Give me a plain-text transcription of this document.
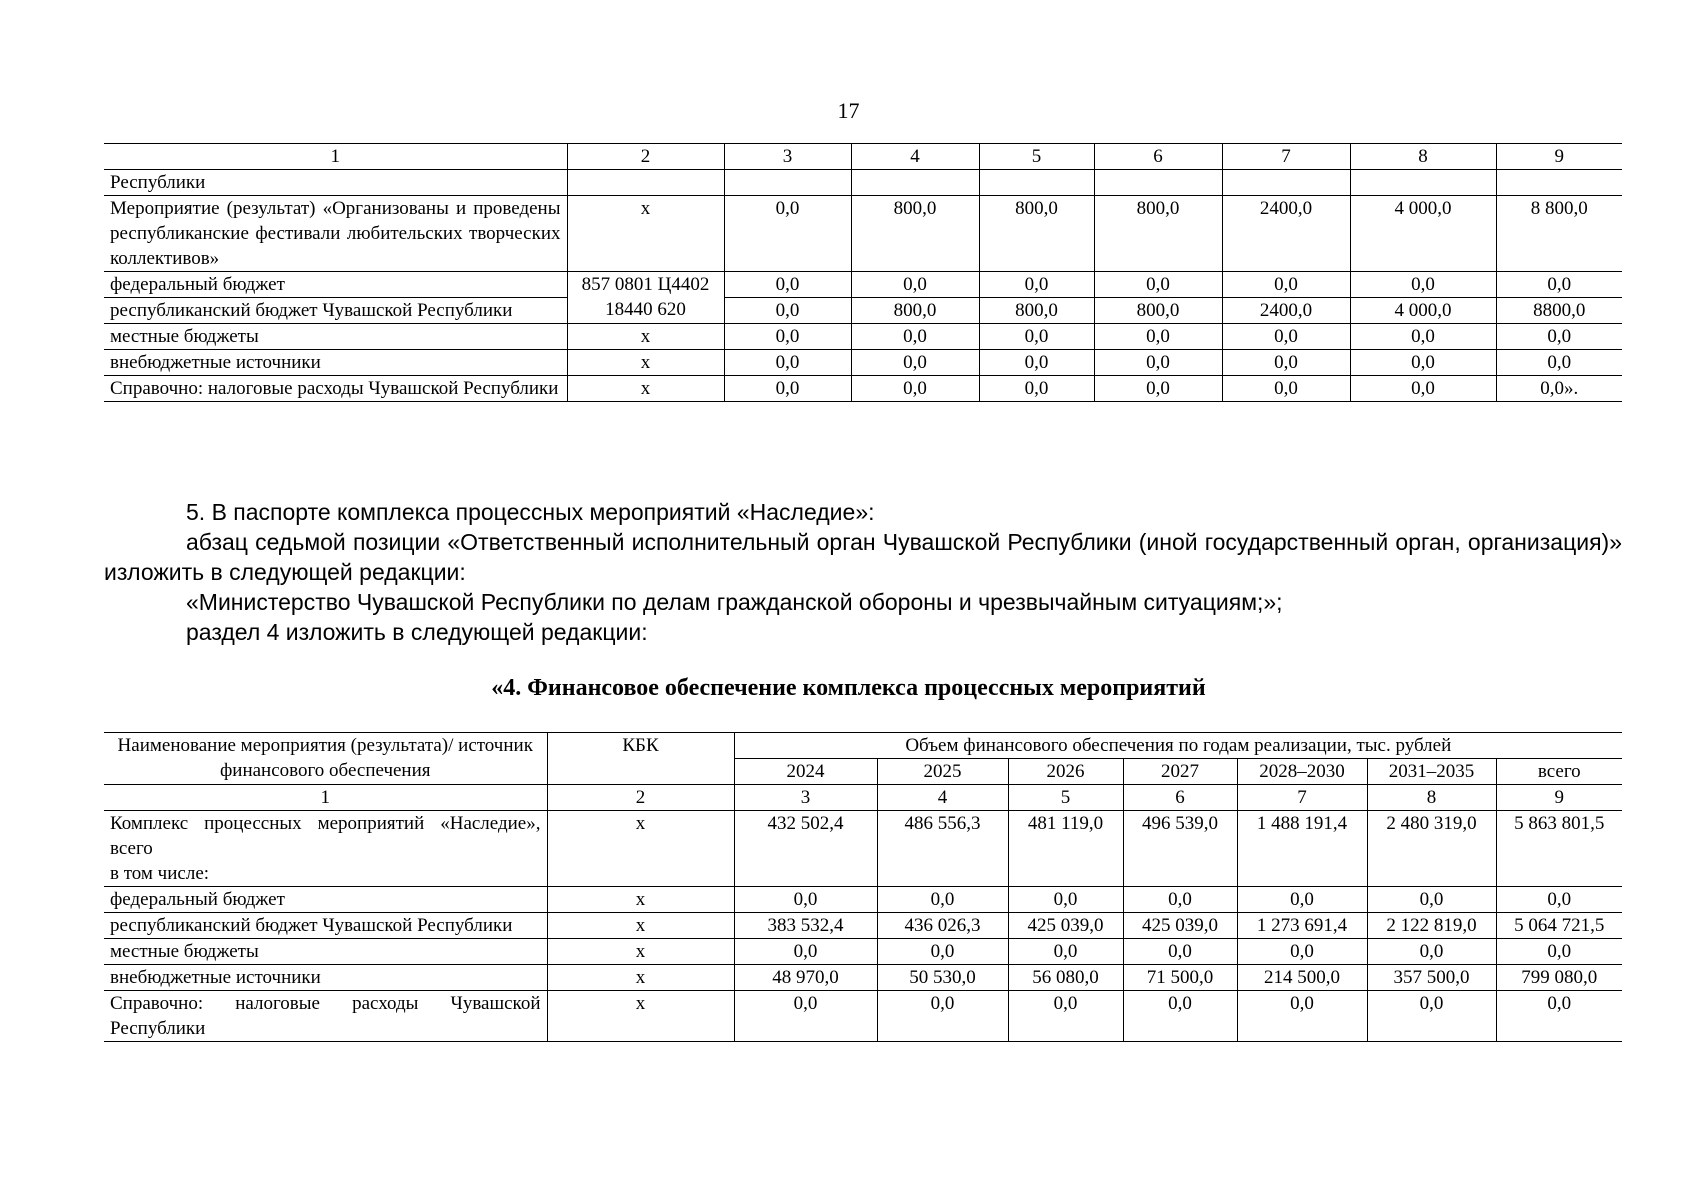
17
1	2	3	4	5	6	7	8	9
Республики								
Мероприятие (результат) «Организованы и проведены республиканские фестивали любительских творческих коллективов»	х	0,0	800,0	800,0	800,0	2400,0	4 000,0	8 800,0
федеральный бюджет	857 0801 Ц440218440 620	0,0	0,0	0,0	0,0	0,0	0,0	0,0
республиканский бюджет Чувашской Республики		0,0	800,0	800,0	800,0	2400,0	4 000,0	8800,0
местные бюджеты	х	0,0	0,0	0,0	0,0	0,0	0,0	0,0
внебюджетные источники	х	0,0	0,0	0,0	0,0	0,0	0,0	0,0
Справочно: налоговые расходы Чувашской Республики	х	0,0	0,0	0,0	0,0	0,0	0,0	0,0».
5. В паспорте комплекса процессных мероприятий «Наследие»:
абзац седьмой позиции «Ответственный исполнительный орган Чувашской Республики (иной государственный орган, организация)» изложить в следующей редакции:
«Министерство Чувашской Республики по делам гражданской обороны и чрезвычайным ситуациям;»;
раздел 4 изложить в следующей редакции:
«4. Финансовое обеспечение комплекса процессных мероприятий
Наименование мероприятия (результата)/ источник финансового обеспечения	КБК	Объем финансового обеспечения по годам реализации, тыс. рублей						
		2024	2025	2026	2027	2028–2030	2031–2035	всего
1	2	3	4	5	6	7	8	9

Комплекс процессных мероприятий «Наследие», всего
в том числе:	х	432 502,4	486 556,3	481 119,0	496 539,0	1 488 191,4	2 480 319,0	5 863 801,5

федеральный бюджет	х	0,0	0,0	0,0	0,0	0,0	0,0	0,0

республиканский бюджет Чувашской Республики	х	383 532,4	436 026,3	425 039,0	425 039,0	1 273 691,4	2 122 819,0	5 064 721,5

местные бюджеты	х	0,0	0,0	0,0	0,0	0,0	0,0	0,0

внебюджетные источники	х	48 970,0	50 530,0	56 080,0	71 500,0	214 500,0	357 500,0	799 080,0

Справочно: налоговые расходы Чувашской Республики	х	0,0	0,0	0,0	0,0	0,0	0,0	0,0
